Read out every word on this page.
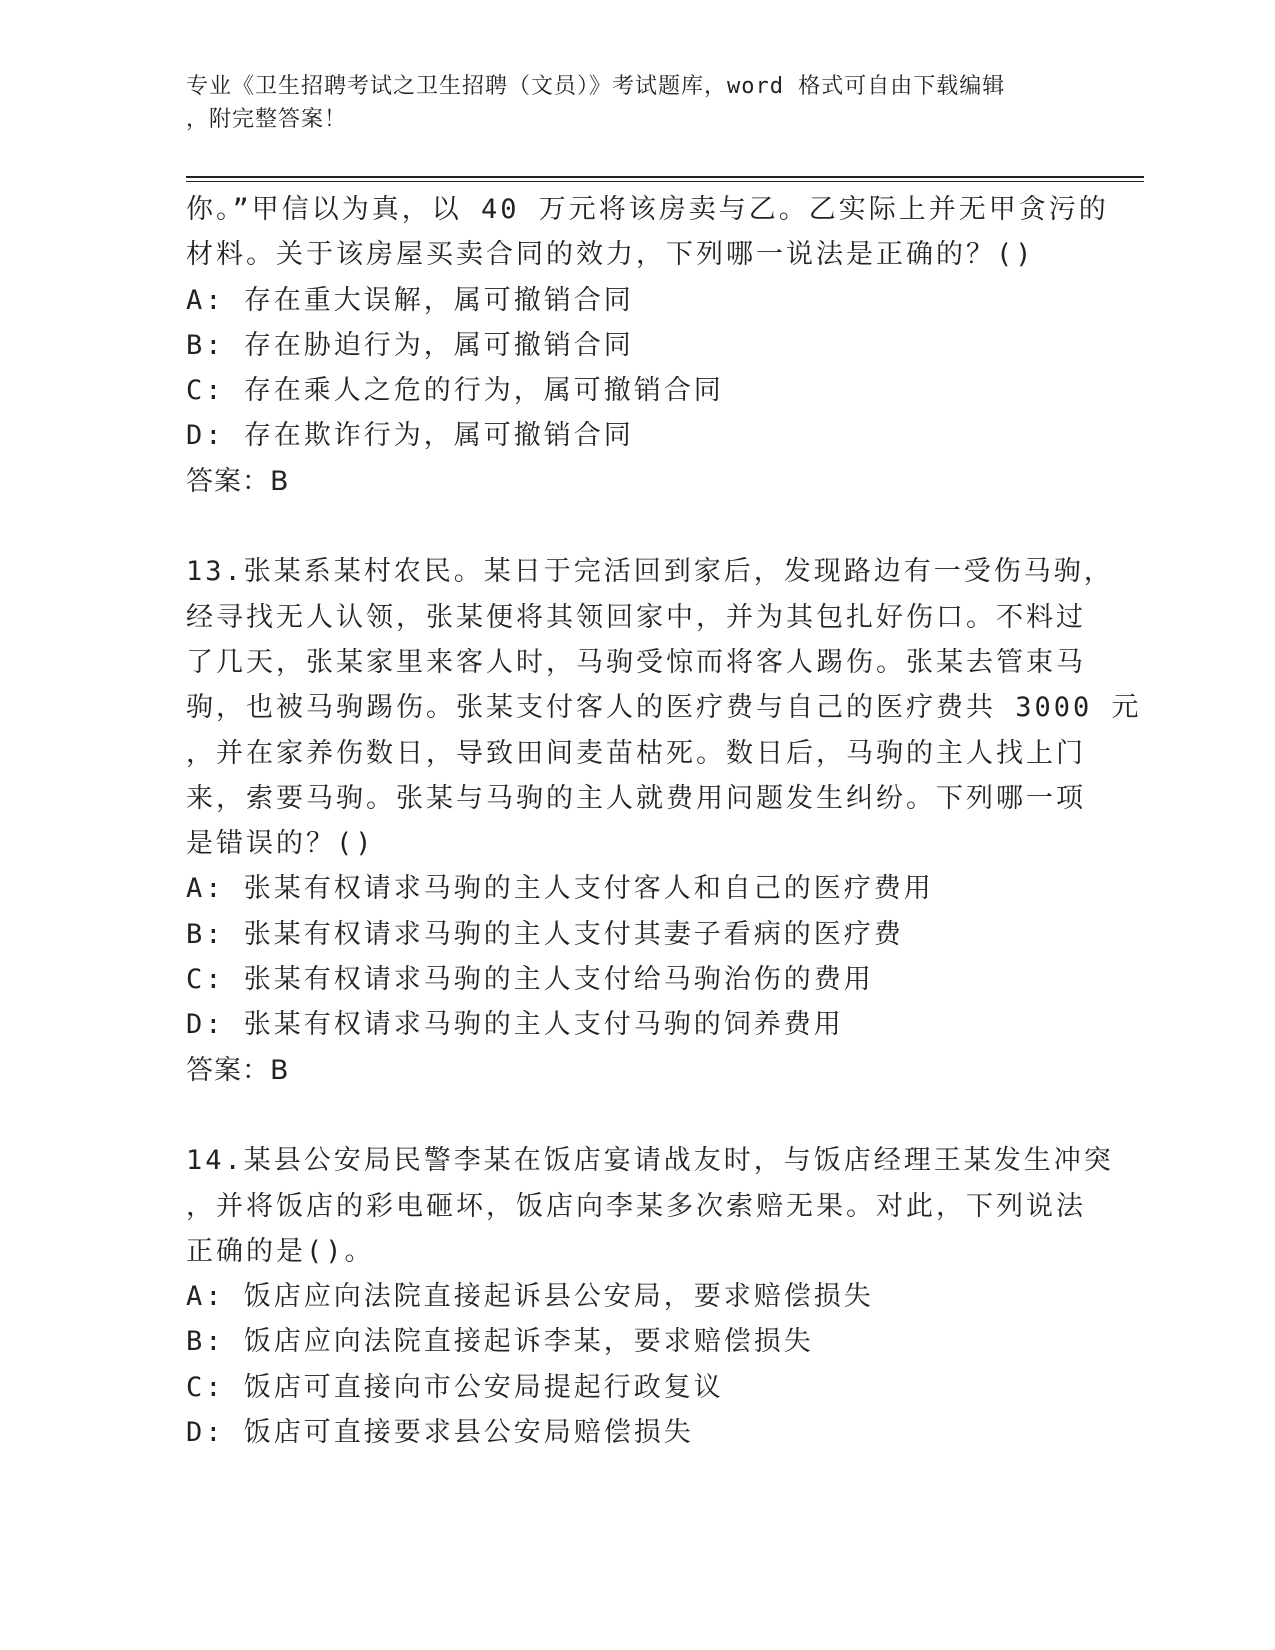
专业《卫生招聘考试之卫生招聘（文员）》考试题库，word 格式可自由下载编辑
，附完整答案！
你。”甲信以为真，以 40 万元将该房卖与乙。乙实际上并无甲贪污的
材料。关于该房屋买卖合同的效力，下列哪一说法是正确的？()
A: 存在重大误解，属可撤销合同
B: 存在胁迫行为，属可撤销合同
C: 存在乘人之危的行为，属可撤销合同
D: 存在欺诈行为，属可撤销合同
答案：B
13.张某系某村农民。某日于完活回到家后，发现路边有一受伤马驹，
经寻找无人认领，张某便将其领回家中，并为其包扎好伤口。不料过
了几天，张某家里来客人时，马驹受惊而将客人踢伤。张某去管束马
驹，也被马驹踢伤。张某支付客人的医疗费与自己的医疗费共 3000 元
，并在家养伤数日，导致田间麦苗枯死。数日后，马驹的主人找上门
来，索要马驹。张某与马驹的主人就费用问题发生纠纷。下列哪一项
是错误的？()
A: 张某有权请求马驹的主人支付客人和自己的医疗费用
B: 张某有权请求马驹的主人支付其妻子看病的医疗费
C: 张某有权请求马驹的主人支付给马驹治伤的费用
D: 张某有权请求马驹的主人支付马驹的饲养费用
答案：B
14.某县公安局民警李某在饭店宴请战友时，与饭店经理王某发生冲突
，并将饭店的彩电砸坏，饭店向李某多次索赔无果。对此，下列说法
正确的是()。
A: 饭店应向法院直接起诉县公安局，要求赔偿损失
B: 饭店应向法院直接起诉李某，要求赔偿损失
C: 饭店可直接向市公安局提起行政复议
D: 饭店可直接要求县公安局赔偿损失
